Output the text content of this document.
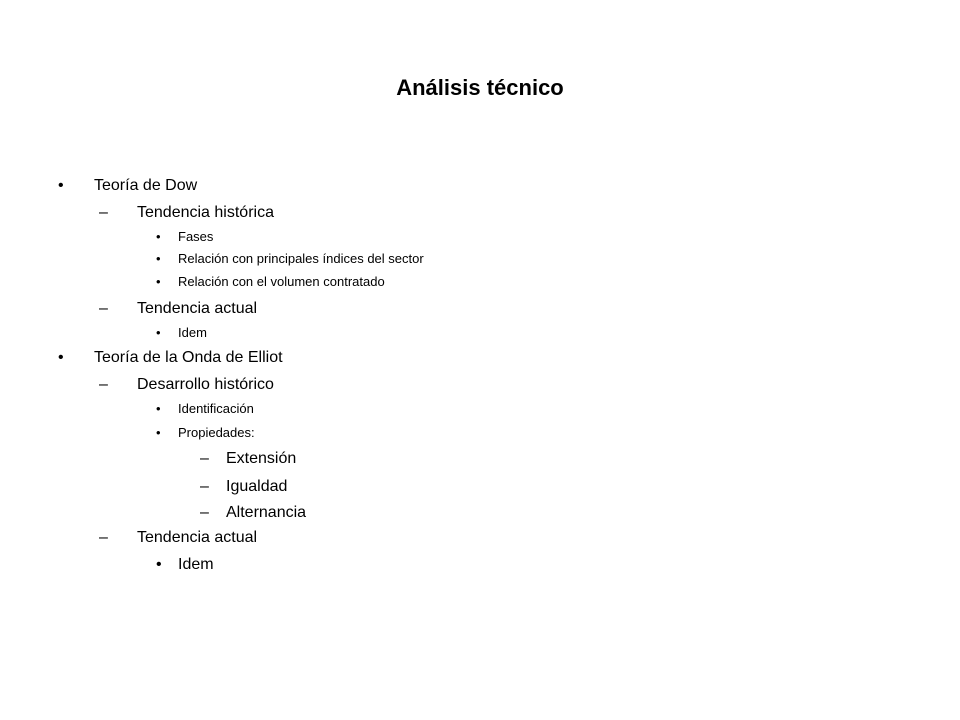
Análisis técnico
• Teoría de Dow
– Tendencia histórica
• Fases
• Relación con principales índices del sector
• Relación con el volumen contratado
– Tendencia actual
• Idem
• Teoría de la Onda de Elliot
– Desarrollo histórico
• Identificación
• Propiedades:
– Extensión
– Igualdad
– Alternancia
– Tendencia actual
• Idem
